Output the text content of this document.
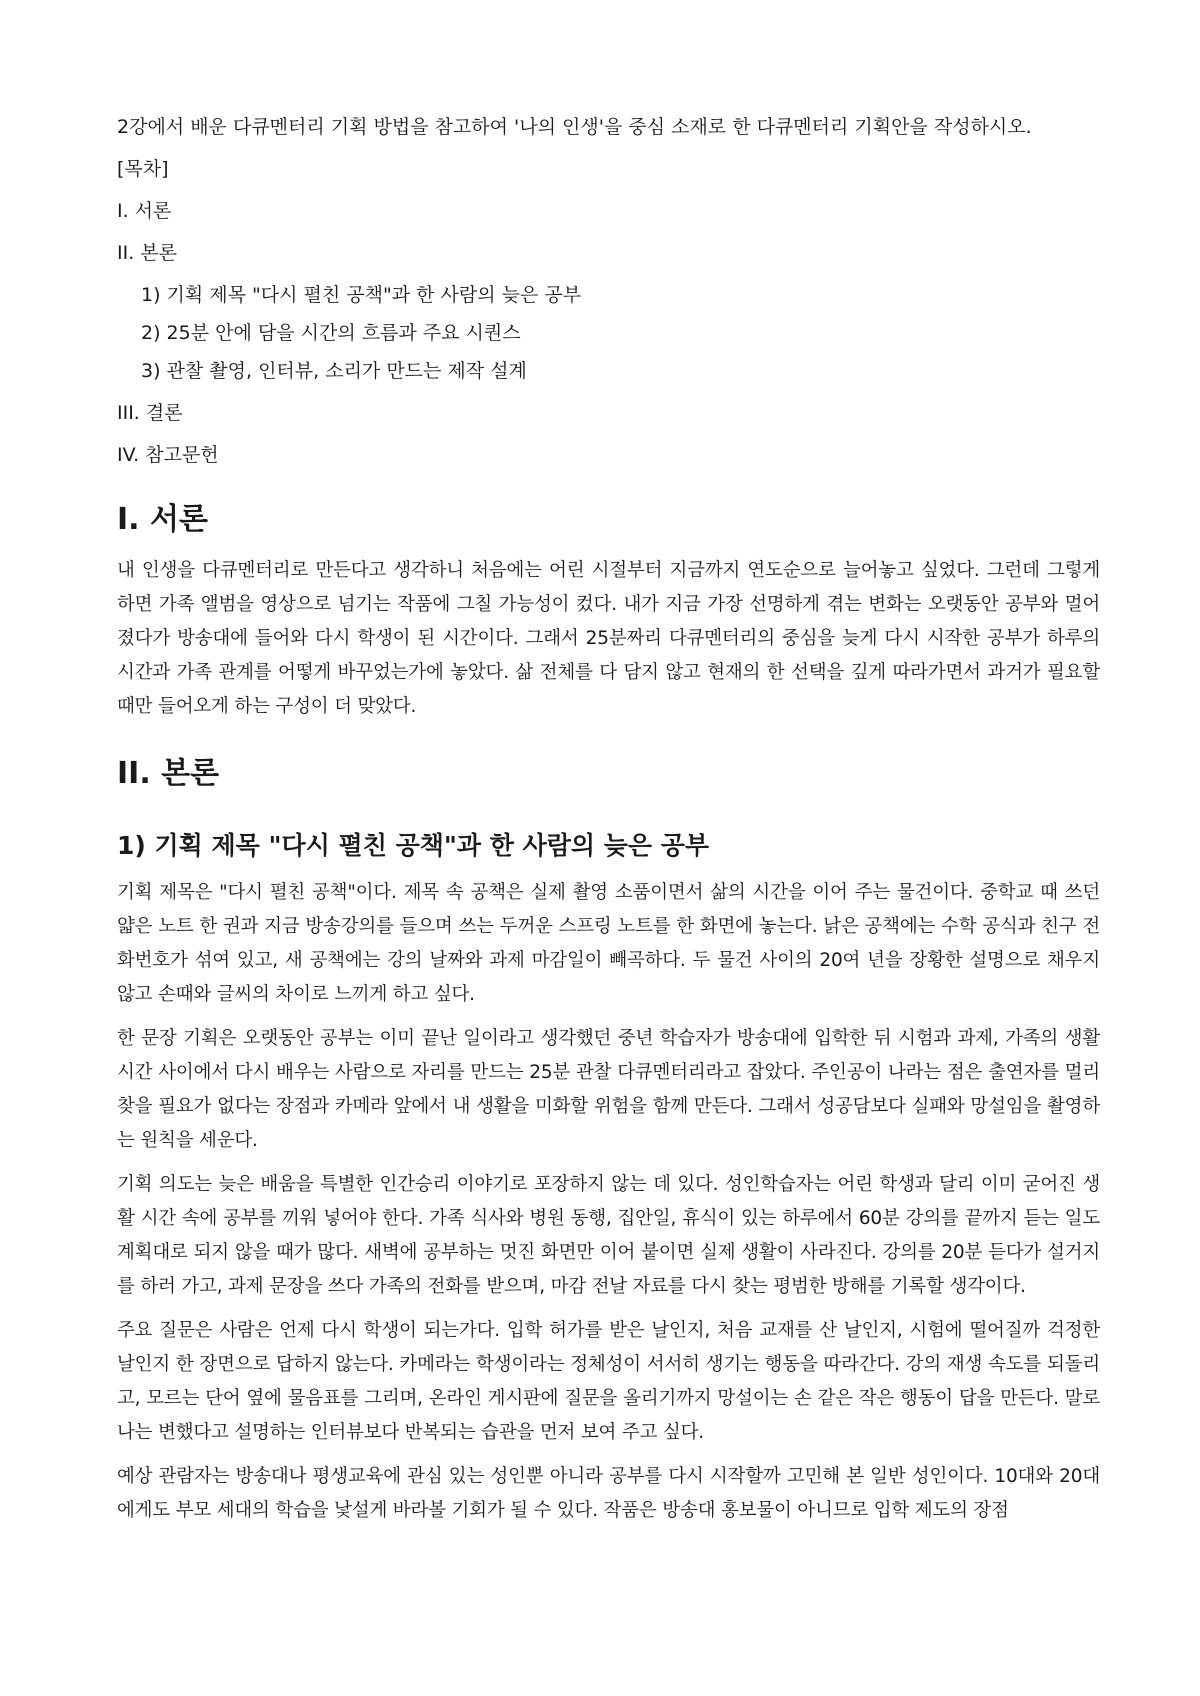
2강에서 배운 다큐멘터리 기획 방법을 참고하여 '나의 인생'을 중심 소재로 한 다큐멘터리 기획안을 작성하시오.

[목차]
I. 서론
II. 본론
1) 기획 제목 "다시 펼친 공책"과 한 사람의 늦은 공부
2) 25분 안에 담을 시간의 흐름과 주요 시퀀스
3) 관찰 촬영, 인터뷰, 소리가 만드는 제작 설계
III. 결론
IV. 참고문헌
I. 서론

내 인생을 다큐멘터리로 만든다고 생각하니 처음에는 어린 시절부터 지금까지 연도순으로 늘어놓고 싶었다. 그런데 그렇게 하면 가족 앨범을 영상으로 넘기는 작품에 그칠 가능성이 컸다. 내가 지금 가장 선명하게 겪는 변화는 오랫동안 공부와 멀어졌다가 방송대에 들어와 다시 학생이 된 시간이다. 그래서 25분짜리 다큐멘터리의 중심을 늦게 다시 시작한 공부가 하루의 시간과 가족 관계를 어떻게 바꾸었는가에 놓았다. 삶 전체를 다 담지 않고 현재의 한 선택을 깊게 따라가면서 과거가 필요할 때만 들어오게 하는 구성이 더 맞았다.

II. 본론
1) 기획 제목 "다시 펼친 공책"과 한 사람의 늦은 공부

기획 제목은 "다시 펼친 공책"이다. 제목 속 공책은 실제 촬영 소품이면서 삶의 시간을 이어 주는 물건이다. 중학교 때 쓰던 얇은 노트 한 권과 지금 방송강의를 들으며 쓰는 두꺼운 스프링 노트를 한 화면에 놓는다. 낡은 공책에는 수학 공식과 친구 전화번호가 섞여 있고, 새 공책에는 강의 날짜와 과제 마감일이 빼곡하다. 두 물건 사이의 20여 년을 장황한 설명으로 채우지 않고 손때와 글씨의 차이로 느끼게 하고 싶다.

한 문장 기획은 오랫동안 공부는 이미 끝난 일이라고 생각했던 중년 학습자가 방송대에 입학한 뒤 시험과 과제, 가족의 생활 시간 사이에서 다시 배우는 사람으로 자리를 만드는 25분 관찰 다큐멘터리라고 잡았다. 주인공이 나라는 점은 출연자를 멀리 찾을 필요가 없다는 장점과 카메라 앞에서 내 생활을 미화할 위험을 함께 만든다. 그래서 성공담보다 실패와 망설임을 촬영하는 원칙을 세운다.

기획 의도는 늦은 배움을 특별한 인간승리 이야기로 포장하지 않는 데 있다. 성인학습자는 어린 학생과 달리 이미 굳어진 생활 시간 속에 공부를 끼워 넣어야 한다. 가족 식사와 병원 동행, 집안일, 휴식이 있는 하루에서 60분 강의를 끝까지 듣는 일도 계획대로 되지 않을 때가 많다. 새벽에 공부하는 멋진 화면만 이어 붙이면 실제 생활이 사라진다. 강의를 20분 듣다가 설거지를 하러 가고, 과제 문장을 쓰다 가족의 전화를 받으며, 마감 전날 자료를 다시 찾는 평범한 방해를 기록할 생각이다.

주요 질문은 사람은 언제 다시 학생이 되는가다. 입학 허가를 받은 날인지, 처음 교재를 산 날인지, 시험에 떨어질까 걱정한 날인지 한 장면으로 답하지 않는다. 카메라는 학생이라는 정체성이 서서히 생기는 행동을 따라간다. 강의 재생 속도를 되돌리고, 모르는 단어 옆에 물음표를 그리며, 온라인 게시판에 질문을 올리기까지 망설이는 손 같은 작은 행동이 답을 만든다. 말로 나는 변했다고 설명하는 인터뷰보다 반복되는 습관을 먼저 보여 주고 싶다.

예상 관람자는 방송대나 평생교육에 관심 있는 성인뿐 아니라 공부를 다시 시작할까 고민해 본 일반 성인이다. 10대와 20대에게도 부모 세대의 학습을 낯설게 바라볼 기회가 될 수 있다. 작품은 방송대 홍보물이 아니므로 입학 제도의 장점
